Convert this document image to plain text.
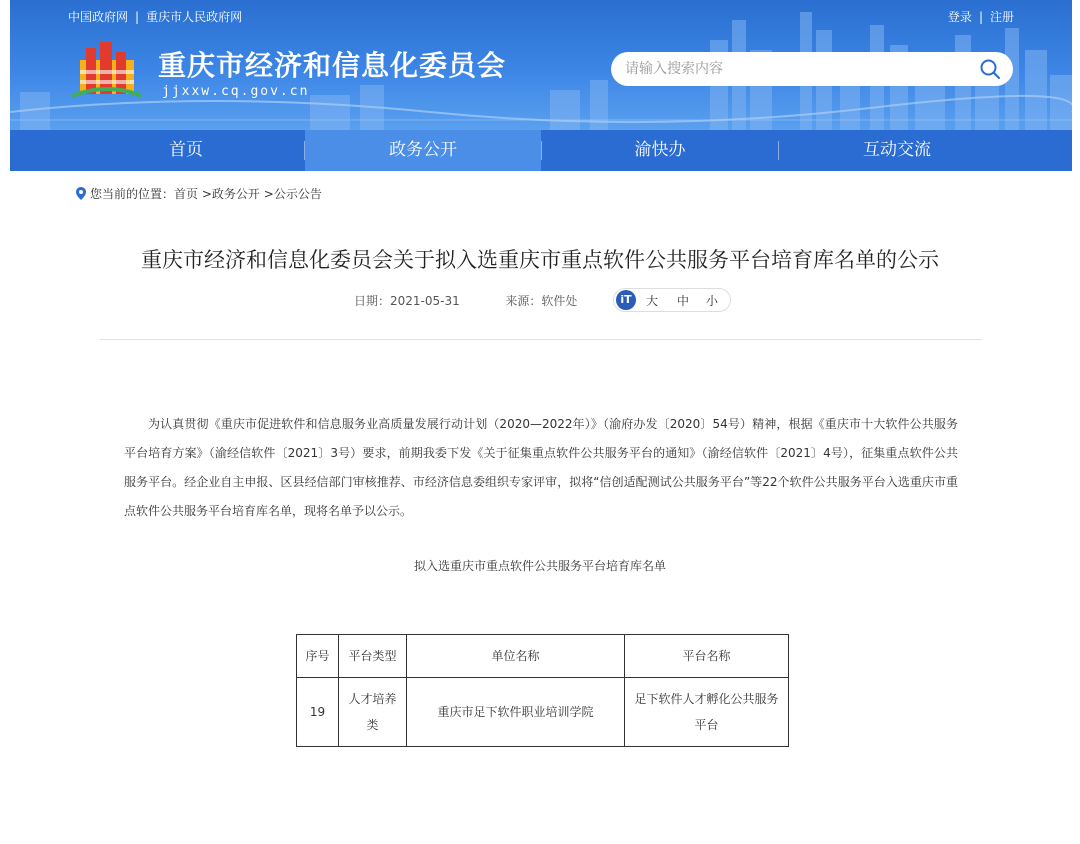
中国政府网 | 重庆市人民政府网	登录 | 注册
重庆市经济和信息化委员会
jjxxw.cq.gov.cn
请输入搜索内容
首页	政务公开	渝快办	互动交流
您当前的位置：首页 >政务公开 >公示公告
重庆市经济和信息化委员会关于拟入选重庆市重点软件公共服务平台培育库名单的公示
日期：2021-05-31	来源：软件处	iT	大 中 小
为认真贯彻《重庆市促进软件和信息服务业高质量发展行动计划（2020—2022年）》（渝府办发〔2020〕54号）精神，根据《重庆市十大软件公共服务平台培育方案》（渝经信软件〔2021〕3号）要求，前期我委下发《关于征集重点软件公共服务平台的通知》（渝经信软件〔2021〕4号），征集重点软件公共服务平台。经企业自主申报、区县经信部门审核推荐、市经济信息委组织专家评审，拟将“信创适配测试公共服务平台”等22个软件公共服务平台入选重庆市重点软件公共服务平台培育库名单，现将名单予以公示。
拟入选重庆市重点软件公共服务平台培育库名单
序号	平台类型	单位名称	平台名称
19	人才培养类	重庆市足下软件职业培训学院	足下软件人才孵化公共服务平台
